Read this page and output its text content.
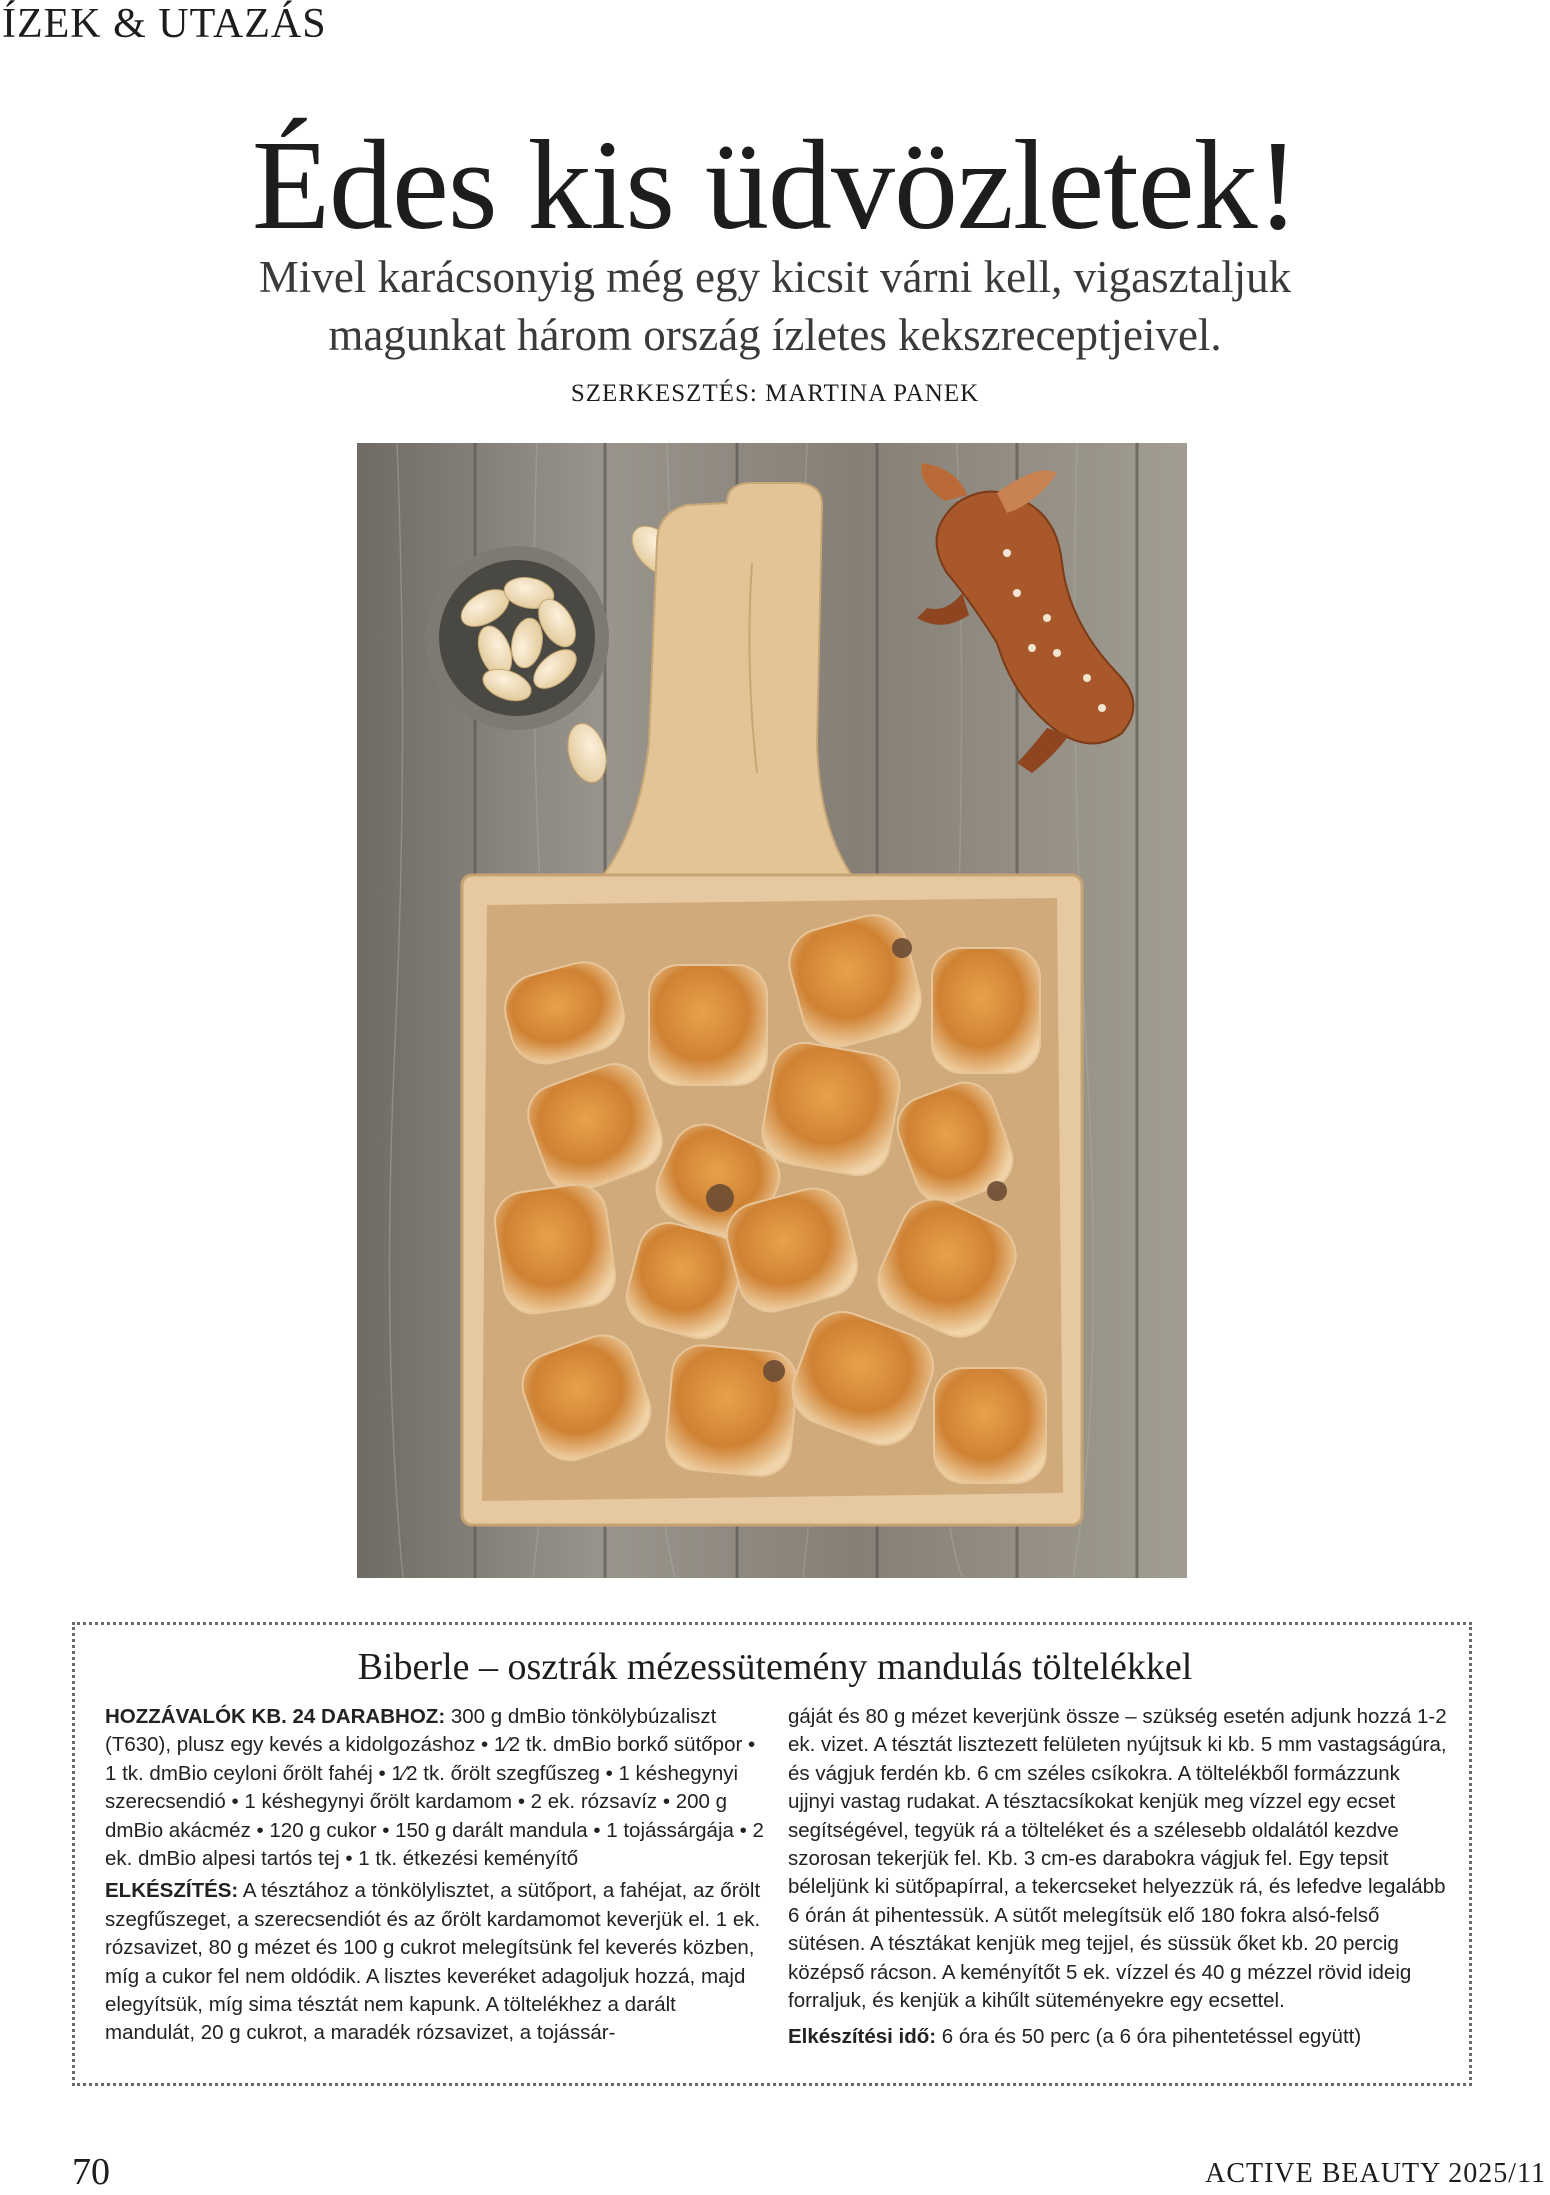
ÍZEK & UTAZÁS
Édes kis üdvözletek!
Mivel karácsonyig még egy kicsit várni kell, vigasztaljuk
magunkat három ország ízletes kekszreceptjeivel.
SZERKESZTÉS: MARTINA PANEK
Biberle – osztrák mézessütemény mandulás töltelékkel

HOZZÁVALÓK KB. 24 DARABHOZ: 300 g dmBio tönkölybúzaliszt (T630), plusz egy kevés a kidolgozáshoz • 1⁄2 tk. dmBio borkő sütőpor • 1 tk. dmBio ceyloni őrölt fahéj • 1⁄2 tk. őrölt szegfűszeg • 1 késhegynyi szerecsendió • 1 késhegynyi őrölt kardamom • 2 ek. rózsavíz • 200 g dmBio akácméz • 120 g cukor • 150 g darált mandula • 1 tojássárgája • 2 ek. dmBio alpesi tartós tej • 1 tk. étkezési keményítő

ELKÉSZÍTÉS: A tésztához a tönkölylisztet, a sütőport, a fahéjat, az őrölt szegfűszeget, a szerecsendiót és az őrölt kardamomot keverjük el. 1 ek. rózsavizet, 80 g mézet és 100 g cukrot melegítsünk fel keverés közben, míg a cukor fel nem oldódik. A lisztes keveréket adagoljuk hozzá, majd elegyítsük, míg sima tésztát nem kapunk. A töltelékhez a darált mandulát, 20 g cukrot, a maradék rózsavizet, a tojássár-

gáját és 80 g mézet keverjünk össze – szükség esetén adjunk hozzá 1-2 ek. vizet. A tésztát lisztezett felületen nyújtsuk ki kb. 5 mm vastagságúra, és vágjuk ferdén kb. 6 cm széles csíkokra. A töltelékből formázzunk ujjnyi vastag rudakat. A tésztacsíkokat kenjük meg vízzel egy ecset segítségével, tegyük rá a tölteléket és a szélesebb oldalától kezdve szorosan tekerjük fel. Kb. 3 cm-es darabokra vágjuk fel. Egy tepsit béleljünk ki sütőpapírral, a tekercseket helyezzük rá, és lefedve legalább 6 órán át pihentessük. A sütőt melegítsük elő 180 fokra alsó-felső sütésen. A tésztákat kenjük meg tejjel, és süssük őket kb. 20 percig középső rácson. A keményítőt 5 ek. vízzel és 40 g mézzel rövid ideig forraljuk, és kenjük a kihűlt süteményekre egy ecsettel.

Elkészítési idő: 6 óra és 50 perc (a 6 óra pihentetéssel együtt)

70	ACTIVE BEAUTY 2025/11
